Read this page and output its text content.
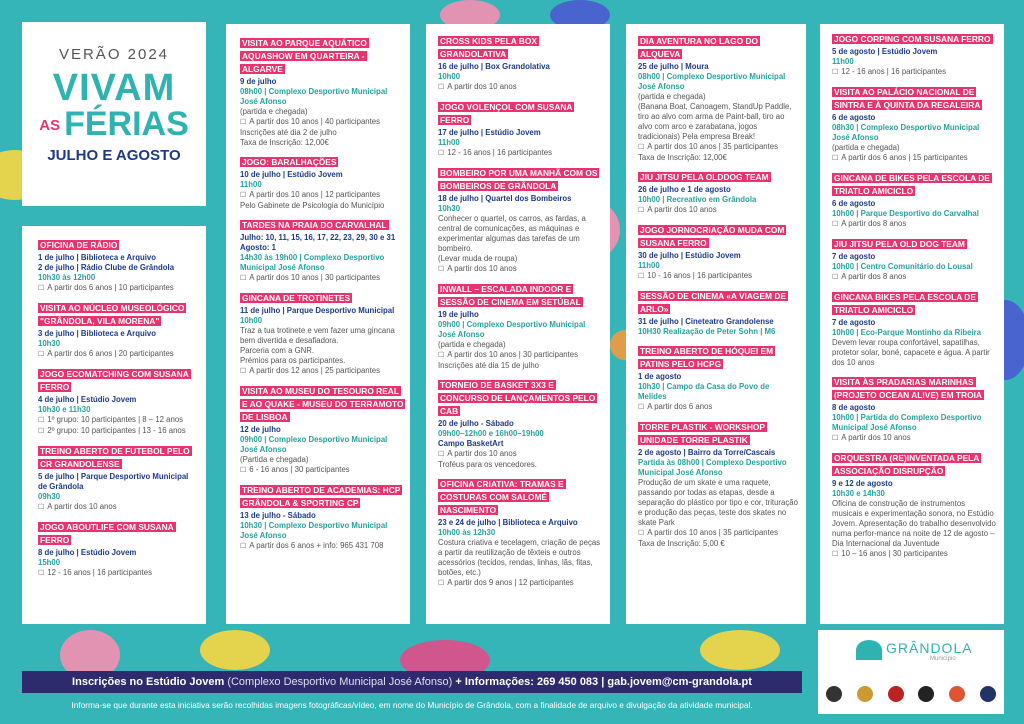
VERÃO 2024
VIVAM
AS FÉRIAS
JULHO E AGOSTO
OFICINA DE RÁDIO
1 de julho | Biblioteca e Arquivo
2 de julho | Rádio Clube de Grândola
10h30 às 12h00
☐ A partir dos 6 anos | 10 participantes
VISITA AO NÚCLEO MUSEOLÓGICO "GRÂNDOLA, VILA MORENA"
3 de julho | Biblioteca e Arquivo
10h30
☐ A partir dos 6 anos | 20 participantes
JOGO ECOMATCHING COM SUSANA FERRO
4 de julho | Estúdio Jovem
10h30 e 11h30
☐ 1º grupo: 10 participantes | 8 – 12 anos
☐ 2º grupo: 10 participantes | 13 - 16 anos
TREINO ABERTO DE FUTEBOL PELO CR GRANDOLENSE
5 de julho | Parque Desportivo Municipal de Grândola
09h30
☐ A partir dos 10 anos
JOGO ABOUTLIFE COM SUSANA FERRO
8 de julho | Estúdio Jovem
15h00
☐ 12 - 16 anos | 16 participantes
VISITA AO PARQUE AQUÁTICO AQUASHOW EM QUARTEIRA - ALGARVE
9 de julho
08h00 | Complexo Desportivo Municipal José Afonso
(partida e chegada)
☐ A partir dos 10 anos | 40 participantes
Inscrições até dia 2 de julho
Taxa de Inscrição: 12,00€
JOGO: BARALHAÇÕES
10 de julho | Estúdio Jovem
11h00
☐ A partir dos 10 anos | 12 participantes
Pelo Gabinete de Psicologia do Município
TARDES NA PRAIA DO CARVALHAL
Julho: 10, 11, 15, 16, 17, 22, 23, 29, 30 e 31
Agosto: 1
14h30 às 19h00 | Complexo Desportivo Municipal José Afonso
☐ A partir dos 10 anos | 30 participantes
GINCANA DE TROTINETES
11 de julho | Parque Desportivo Municipal
10h00
Traz a tua trotinete e vem fazer uma gincana bem divertida e desafiadora.
Parceria com a GNR.
Prémios para os participantes.
☐ A partir dos 12 anos | 25 participantes
VISITA AO MUSEU DO TESOURO REAL E AO QUAKE - MUSEU DO TERRAMOTO DE LISBOA
12 de julho
09h00 | Complexo Desportivo Municipal José Afonso
(Partida e chegada)
☐ 6 - 16 anos | 30 participantes
TREINO ABERTO DE ACADEMIAS: HCP GRÂNDOLA & SPORTING CP
13 de julho - Sábado
10h30 | Complexo Desportivo Municipal José Afonso
☐ A partir dos 6 anos + info: 965 431 708
CROSS KIDS PELA BOX GRANDOLATIVA
16 de julho | Box Grandolativa
10h00
☐ A partir dos 10 anos
JOGO VOLENÇOL COM SUSANA FERRO
17 de julho | Estúdio Jovem
11h00
☐ 12 - 16 anos | 16 participantes
BOMBEIRO POR UMA MANHÃ COM OS BOMBEIROS DE GRÂNDOLA
18 de julho | Quartel dos Bombeiros
10h30
Conhecer o quartel, os carros, as fardas, a central de comunicações, as máquinas e experimentar algumas das tarefas de um bombeiro.
(Levar muda de roupa)
☐ A partir dos 10 anos
INWALL – ESCALADA INDOOR E SESSÃO DE CINEMA EM SETÚBAL
19 de julho
09h00 | Complexo Desportivo Municipal José Afonso
(partida e chegada)
☐ A partir dos 10 anos | 30 participantes
Inscrições até dia 15 de julho
TORNEIO DE BASKET 3X3 E CONCURSO DE LANÇAMENTOS PELO CAB
20 de julho - Sábado
09h00–12h00 e 16h00–19h00
Campo BasketArt
☐ A partir dos 10 anos
Troféus para os vencedores.
OFICINA CRIATIVA: TRAMAS E COSTURAS COM SALOMÉ NASCIMENTO
23 e 24 de julho | Biblioteca e Arquivo
10h00 às 12h30
Costura criativa e tecelagem, criação de peças a partir da reutilização de têxteis e outros acessórios (tecidos, rendas, linhas, lãs, fitas, botões, etc.)
☐ A partir dos 9 anos | 12 participantes
DIA AVENTURA NO LAGO DO ALQUEVA
25 de julho | Moura
08h00 | Complexo Desportivo Municipal José Afonso
(partida e chegada)
(Banana Boat, Canoagem, StandUp Paddle, tiro ao alvo com arma de Paint-ball, tiro ao alvo com arco e zarabatana, jogos tradicionais) Pela empresa Break!
☐ A partir dos 10 anos | 35 participantes
Taxa de Inscrição: 12,00€
JIU JITSU PELA OLDDOG TEAM
26 de julho e 1 de agosto
10h00 | Recreativo em Grândola
☐ A partir dos 10 anos
JOGO JORNOCRIAÇÃO MUDA COM SUSANA FERRO
30 de julho | Estúdio Jovem
11h00
☐ 10 - 16 anos | 16 participantes
SESSÃO DE CINEMA «A VIAGEM DE ARLO»
31 de julho | Cineteatro Grandolense
10H30 Realização de Peter Sohn | M6
TREINO ABERTO DE HÓQUEI EM PATINS PELO HCPG
1 de agosto
10h30 | Campo da Casa do Povo de Melides
☐ A partir dos 6 anos
TORRE PLASTIK - WORKSHOP UNIDADE TORRE PLASTIK
2 de agosto | Bairro da Torre/Cascais
Partida às 08h00 | Complexo Desportivo Municipal José Afonso
Produção de um skate e uma raquete, passando por todas as etapas, desde a separação do plástico por tipo e cor, trituração e produção das peças, teste dos skates no skate Park
☐ A partir dos 10 anos | 35 participantes
Taxa de Inscrição: 5,00 €
JOGO CORPING COM SUSANA FERRO
5 de agosto | Estúdio Jovem
11h00
☐ 12 - 16 anos | 16 participantes
VISITA AO PALÁCIO NACIONAL DE SINTRA E À QUINTA DA REGALEIRA
6 de agosto
08h30 | Complexo Desportivo Municipal José Afonso
(partida e chegada)
☐ A partir dos 6 anos | 15 participantes
GINCANA DE BIKES PELA ESCOLA DE TRIATLO AMICICLO
6 de agosto
10h00 | Parque Desportivo do Carvalhal
☐ A partir dos 8 anos
JIU JITSU PELA OLD DOG TEAM
7 de agosto
10h00 | Centro Comunitário do Lousal
☐ A partir dos 8 anos
GINCANA BIKES PELA ESCOLA DE TRIATLO AMICICLO
7 de agosto
10h00 | Eco-Parque Montinho da Ribeira
Devem levar roupa confortável, sapatilhas, protetor solar, boné, capacete e água. A partir dos 10 anos
VISITA ÀS PRADARIAS MARINHAS (PROJETO OCEAN ALIVE) EM TROIA
8 de agosto
10h00 | Partida do Complexo Desportivo Municipal José Afonso
☐ A partir dos 10 anos
ORQUESTRA (RE)INVENTADA PELA ASSOCIAÇÃO DISRUPÇÃO
9 e 12 de agosto
10h30 e 14h30
Oficina de construção de instrumentos musicais e experimentação sonora, no Estúdio Jovem. Apresentação do trabalho desenvolvido numa perfor-mance na noite de 12 de agosto – Dia Internacional da Juventude
☐ 10 – 16 anos | 30 participantes
Inscrições no Estúdio Jovem (Complexo Desportivo Municipal José Afonso) + Informações: 269 450 083 | gab.jovem@cm-grandola.pt
Informa-se que durante esta iniciativa serão recolhidas imagens fotográficas/vídeo, em nome do Município de Grândola, com a finalidade de arquivo e divulgação da atividade municipal.
GRÂNDOLA
Município
